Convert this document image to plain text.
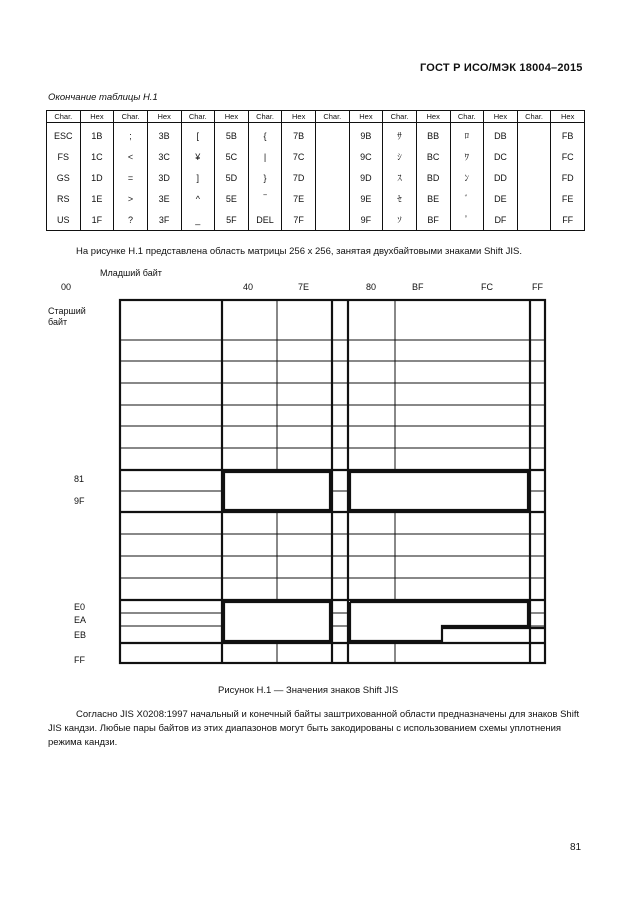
ГОСТ Р ИСО/МЭК 18004–2015
Окончание таблицы Н.1
Char.	Hex	Char.	Hex	Char.	Hex	Char.	Hex	Char.	Hex	Char.	Hex	Char.	Hex	Char.	Hex
ESC	1B	;	3B	[	5B	{	7B		9B	ｻ	BB	ﾛ	DB		FB
FS	1C	<	3C	¥	5C	|	7C		9C	ｼ	BC	ﾜ	DC		FC
GS	1D	=	3D	]	5D	}	7D		9D	ｽ	BD	ﾝ	DD		FD
RS	1E	>	3E	^	5E	‾	7E		9E	ｾ	BE	ﾞ	DE		FE
US	1F	?	3F	_	5F	DEL	7F		9F	ｿ	BF	ﾟ	DF		FF
На рисунке Н.1 представлена область матрицы 256 x 256, занятая двухбайтовыми знаками Shift JIS.
Младший байт
00	40	7E	80	BF	FC	FF
Старший
байт
81
9F
E0
EA
EB
FF
Рисунок Н.1 — Значения знаков Shift JIS
Согласно JIS X0208:1997 начальный и конечный байты заштрихованной области предназначены для знаков Shift JIS кандзи. Любые пары байтов из этих диапазонов могут быть закодированы с использованием схемы уплотнения режима кандзи.
81
